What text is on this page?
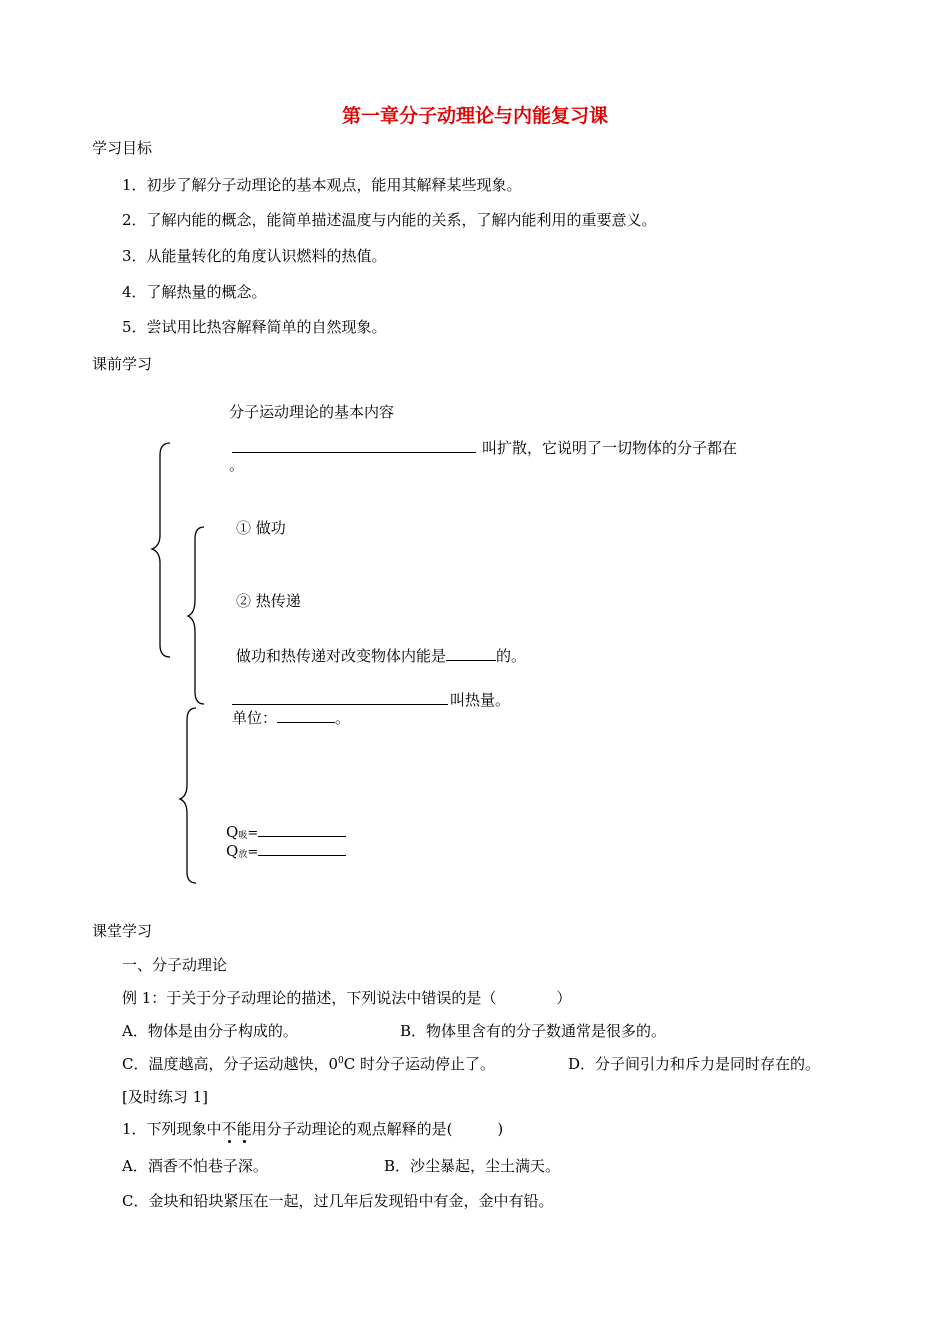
第一章分子动理论与内能复习课
学习目标
1．初步了解分子动理论的基本观点，能用其解释某些现象。
2．了解内能的概念，能简单描述温度与内能的关系，了解内能利用的重要意义。
3．从能量转化的角度认识燃料的热值。
4．了解热量的概念。
5．尝试用比热容解释简单的自然现象。
课前学习
分子运动理论的基本内容
叫扩散，它说明了一切物体的分子都在
。
① 做功
② 热传递
做功和热传递对改变物体内能是	的。
叫热量。
单位：	。
Q吸=
Q放=
课堂学习
一、分子动理论
例 1：于关于分子动理论的描述，下列说法中错误的是（　　　　）
A．物体是由分子构成的。	B．物体里含有的分子数通常是很多的。
C．温度越高，分子运动越快，$0^0C$ 时分子运动停止了。	D．分子间引力和斥力是同时存在的。
[及时练习 1]
1．下列现象中不能用分子动理论的观点解释的是(　　　)
A．酒香不怕巷子深。	B．沙尘暴起，尘土满天。
C．金块和铅块紧压在一起，过几年后发现铅中有金，金中有铅。
